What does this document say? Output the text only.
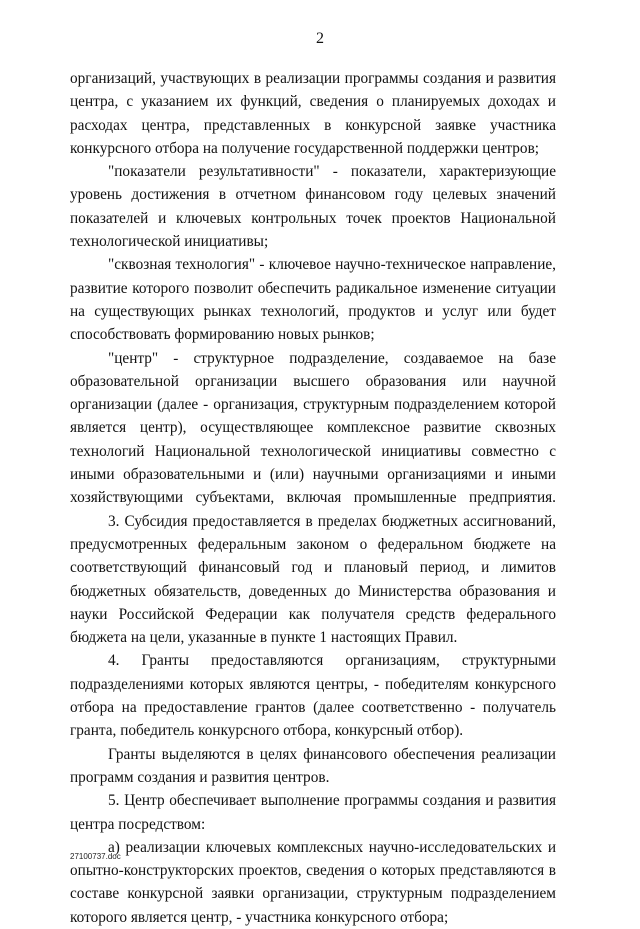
2
организаций, участвующих в реализации программы создания и развития
центра, с указанием их функций, сведения о планируемых доходах и
расходах центра, представленных в конкурсной заявке участника
конкурсного отбора на получение государственной поддержки центров;
"показатели результативности" - показатели, характеризующие
уровень достижения в отчетном финансовом году целевых значений
показателей и ключевых контрольных точек проектов Национальной
технологической инициативы;
"сквозная технология" - ключевое научно-техническое направление,
развитие которого позволит обеспечить радикальное изменение ситуации
на существующих рынках технологий, продуктов и услуг или будет
способствовать формированию новых рынков;
"центр" - структурное подразделение, создаваемое на базе
образовательной организации высшего образования или научной
организации (далее - организация, структурным подразделением которой
является центр), осуществляющее комплексное развитие сквозных
технологий Национальной технологической инициативы совместно с
иными образовательными и (или) научными организациями и иными
хозяйствующими субъектами, включая промышленные предприятия.
3. Субсидия предоставляется в пределах бюджетных ассигнований,
предусмотренных федеральным законом о федеральном бюджете на
соответствующий финансовый год и плановый период, и лимитов
бюджетных обязательств, доведенных до Министерства образования и
науки Российской Федерации как получателя средств федерального
бюджета на цели, указанные в пункте 1 настоящих Правил.
4. Гранты предоставляются организациям, структурными
подразделениями которых являются центры, - победителям конкурсного
отбора на предоставление грантов (далее соответственно - получатель
гранта, победитель конкурсного отбора, конкурсный отбор).
Гранты выделяются в целях финансового обеспечения реализации
программ создания и развития центров.
5. Центр обеспечивает выполнение программы создания и развития
центра посредством:
а) реализации ключевых комплексных научно-исследовательских и
опытно-конструкторских проектов, сведения о которых представляются в
составе конкурсной заявки организации, структурным подразделением
которого является центр, - участника конкурсного отбора;
27100737.doc
